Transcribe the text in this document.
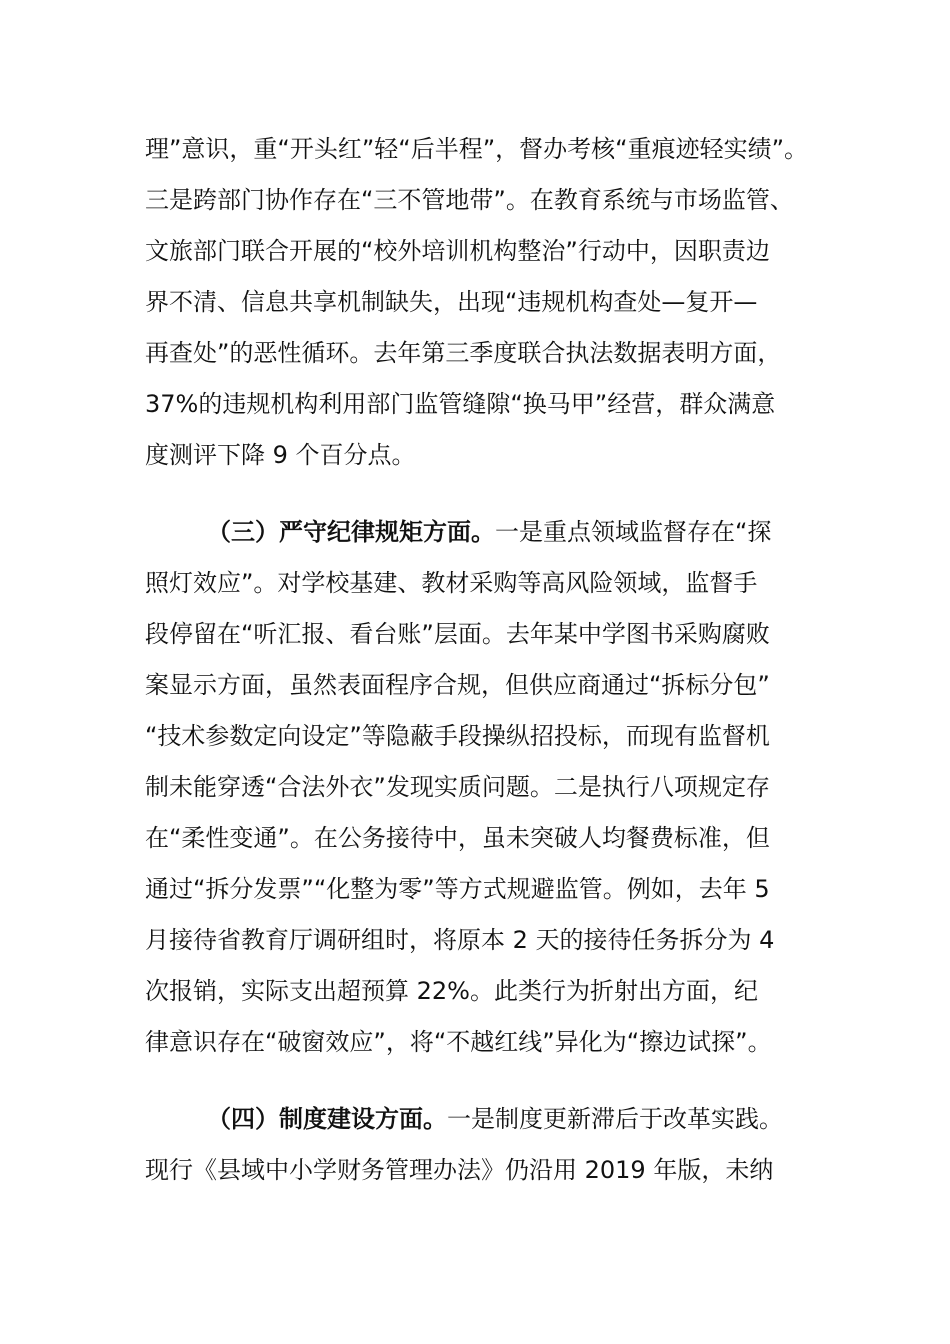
理”意识，重“开头红”轻“后半程”，督办考核“重痕迹轻实绩”。
三是跨部门协作存在“三不管地带”。在教育系统与市场监管、
文旅部门联合开展的“校外培训机构整治”行动中，因职责边
界不清、信息共享机制缺失，出现“违规机构查处—复开—
再查处”的恶性循环。去年第三季度联合执法数据表明方面，
37%的违规机构利用部门监管缝隙“换马甲”经营，群众满意
度测评下降 9 个百分点。
（三）严守纪律规矩方面。一是重点领域监督存在“探
照灯效应”。对学校基建、教材采购等高风险领域，监督手
段停留在“听汇报、看台账”层面。去年某中学图书采购腐败
案显示方面，虽然表面程序合规，但供应商通过“拆标分包”
“技术参数定向设定”等隐蔽手段操纵招投标，而现有监督机
制未能穿透“合法外衣”发现实质问题。二是执行八项规定存
在“柔性变通”。在公务接待中，虽未突破人均餐费标准，但
通过“拆分发票”“化整为零”等方式规避监管。例如，去年 5
月接待省教育厅调研组时，将原本 2 天的接待任务拆分为 4
次报销，实际支出超预算 22%。此类行为折射出方面，纪
律意识存在“破窗效应”，将“不越红线”异化为“擦边试探”。
（四）制度建设方面。一是制度更新滞后于改革实践。
现行《县域中小学财务管理办法》仍沿用 2019 年版，未纳
